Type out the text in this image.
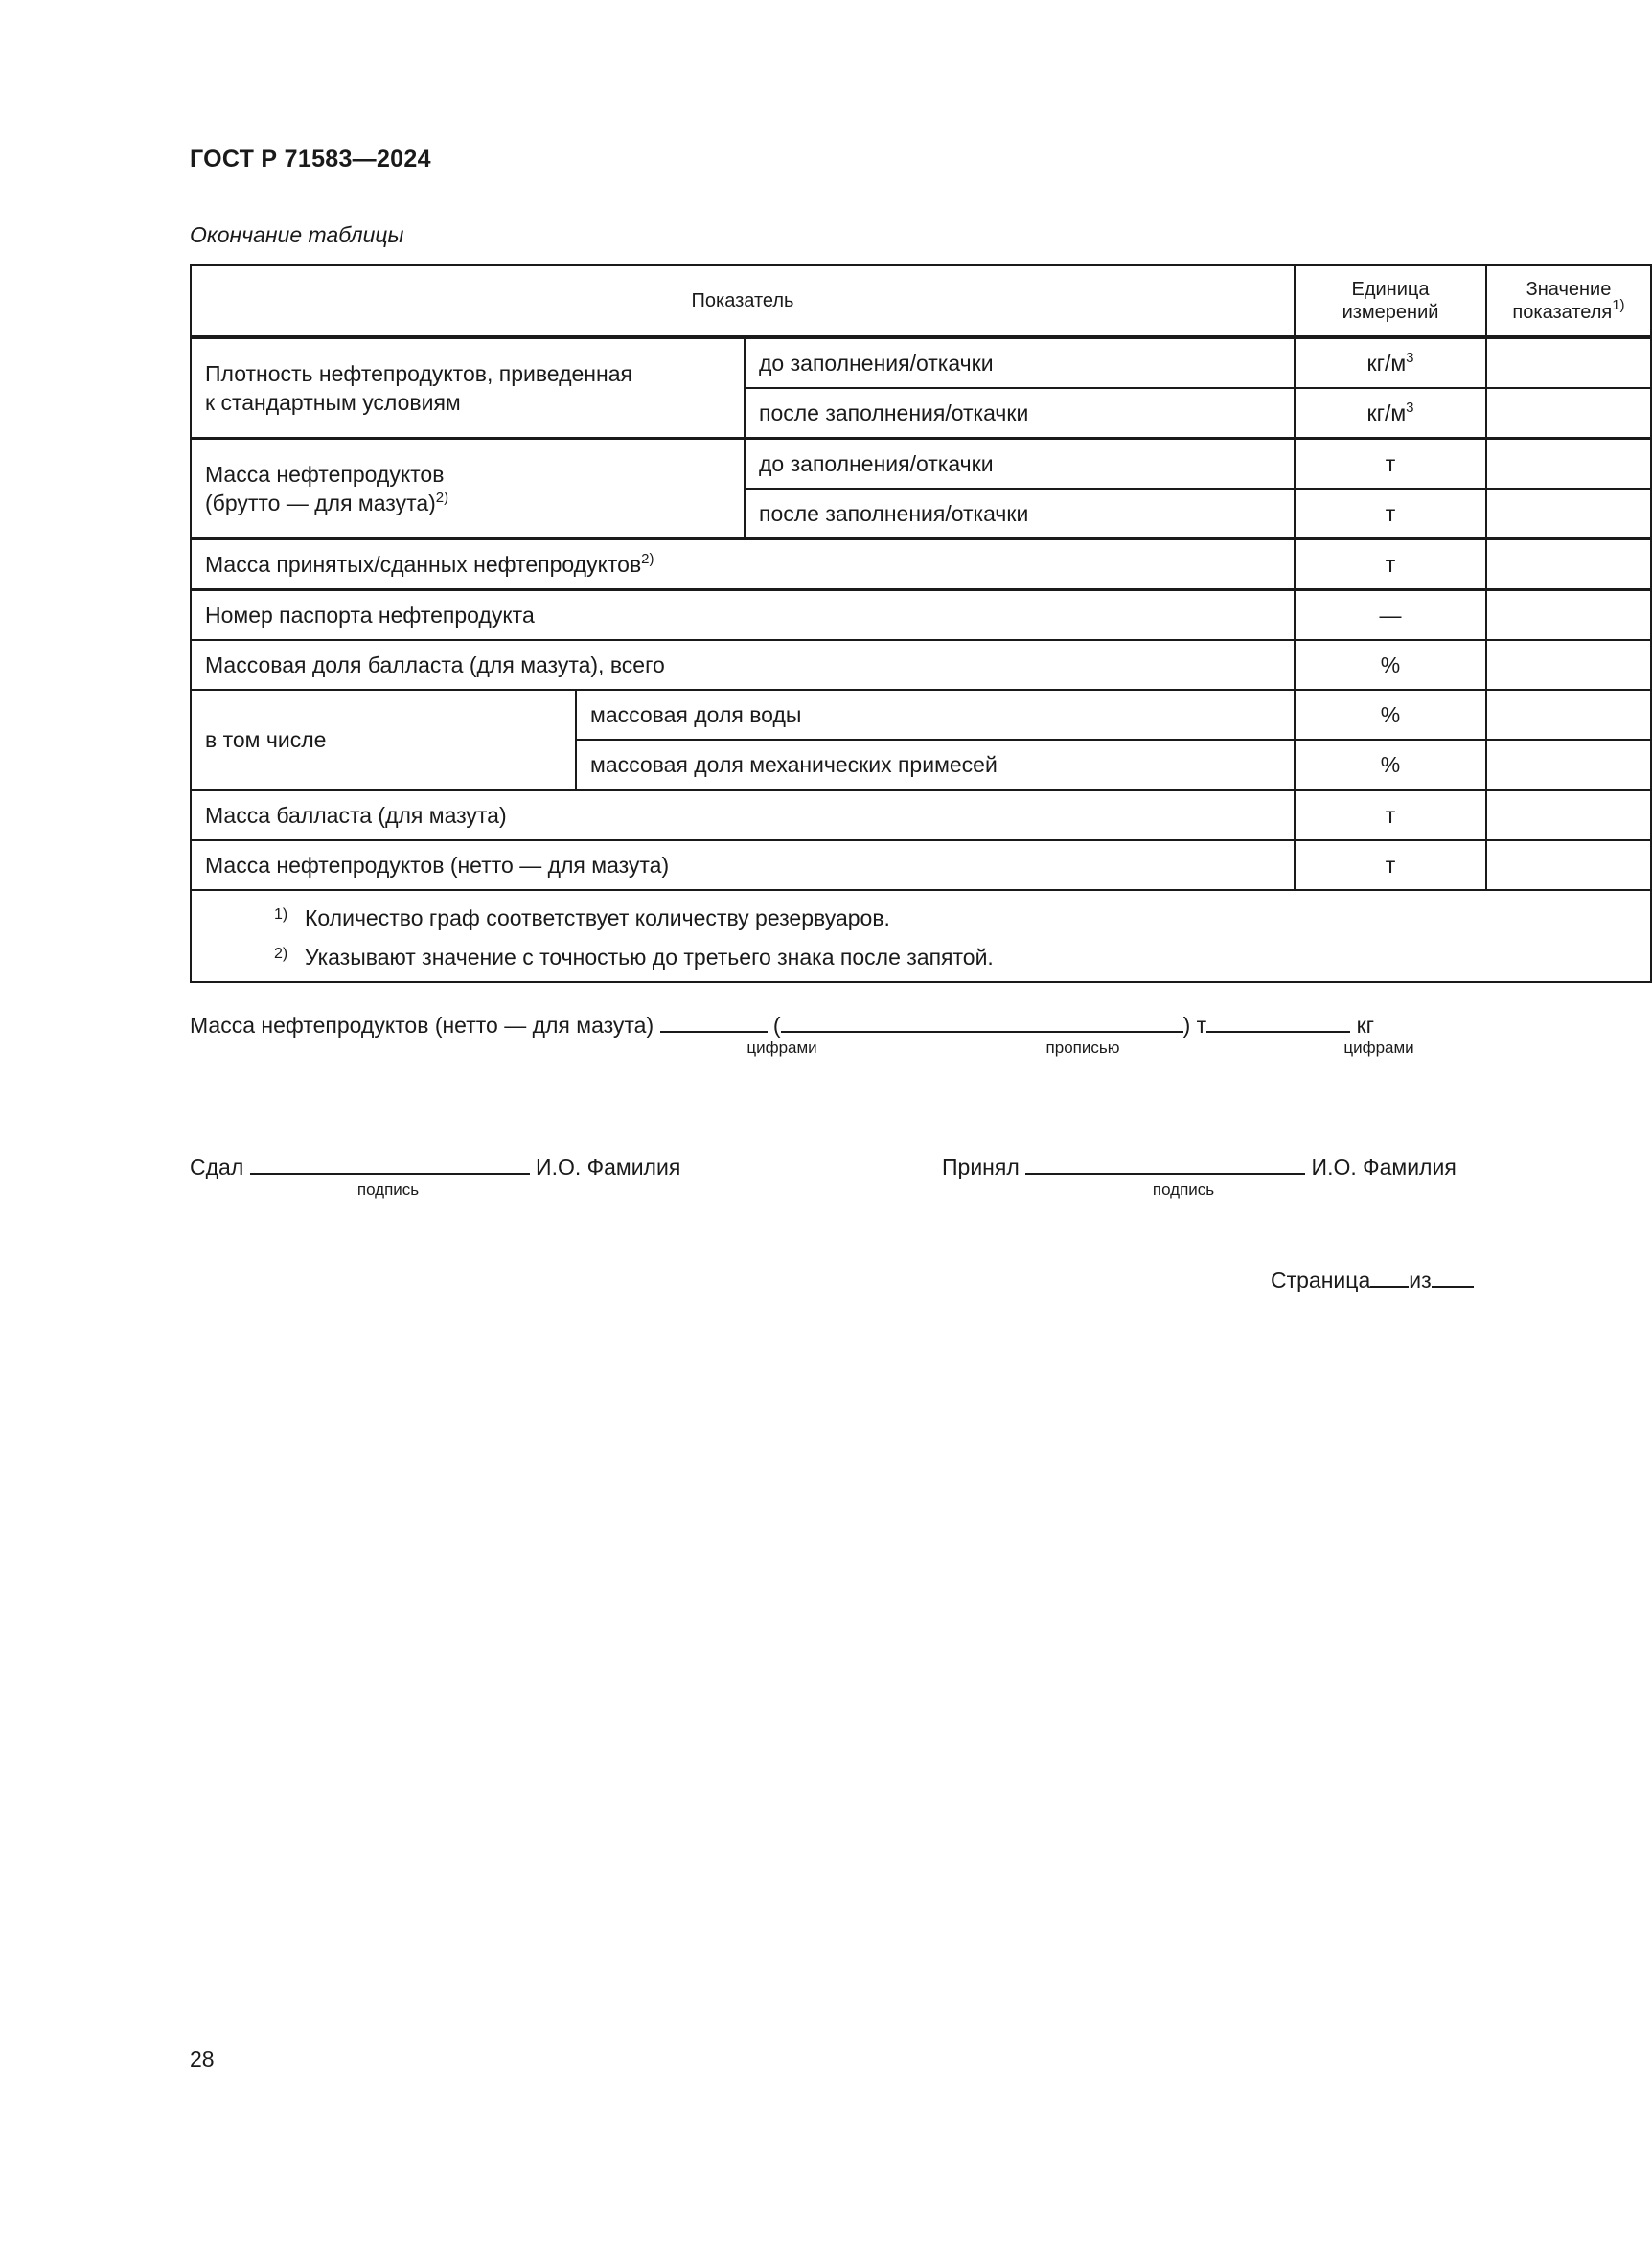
ГОСТ Р 71583—2024
Окончание таблицы
Показатель			Единица
измерений	Значение
показателя$^{1)}$
Плотность нефтепродуктов, приведенная
к стандартным условиям		до заполнения/откачки	$кг/м^3$	
		после заполнения/откачки	$кг/м^3$	
Масса нефтепродуктов
(брутто — для мазута)$^{2)}$		до заполнения/откачки	т	
		после заполнения/откачки	т	
Масса принятых/сданных нефтепродуктов$^{2)}$			т	
Номер паспорта нефтепродукта			—	
Массовая доля балласта (для мазута), всего			%	
в том числе	массовая доля воды		%	
	массовая доля механических примесей		%	
Масса балласта (для мазута)			т	
Масса нефтепродуктов (нетто — для мазута)			т	

1) Количество граф соответствует количеству резервуаров.
2) Указывают значение с точностью до третьего знака после запятой.				
Масса нефтепродуктов (нетто — для мазута)	(	) т	кг
цифрами	прописью	цифрами
Сдал	И.О. Фамилия
подпись
Принял	И.О. Фамилия
подпись
Страница из
28
